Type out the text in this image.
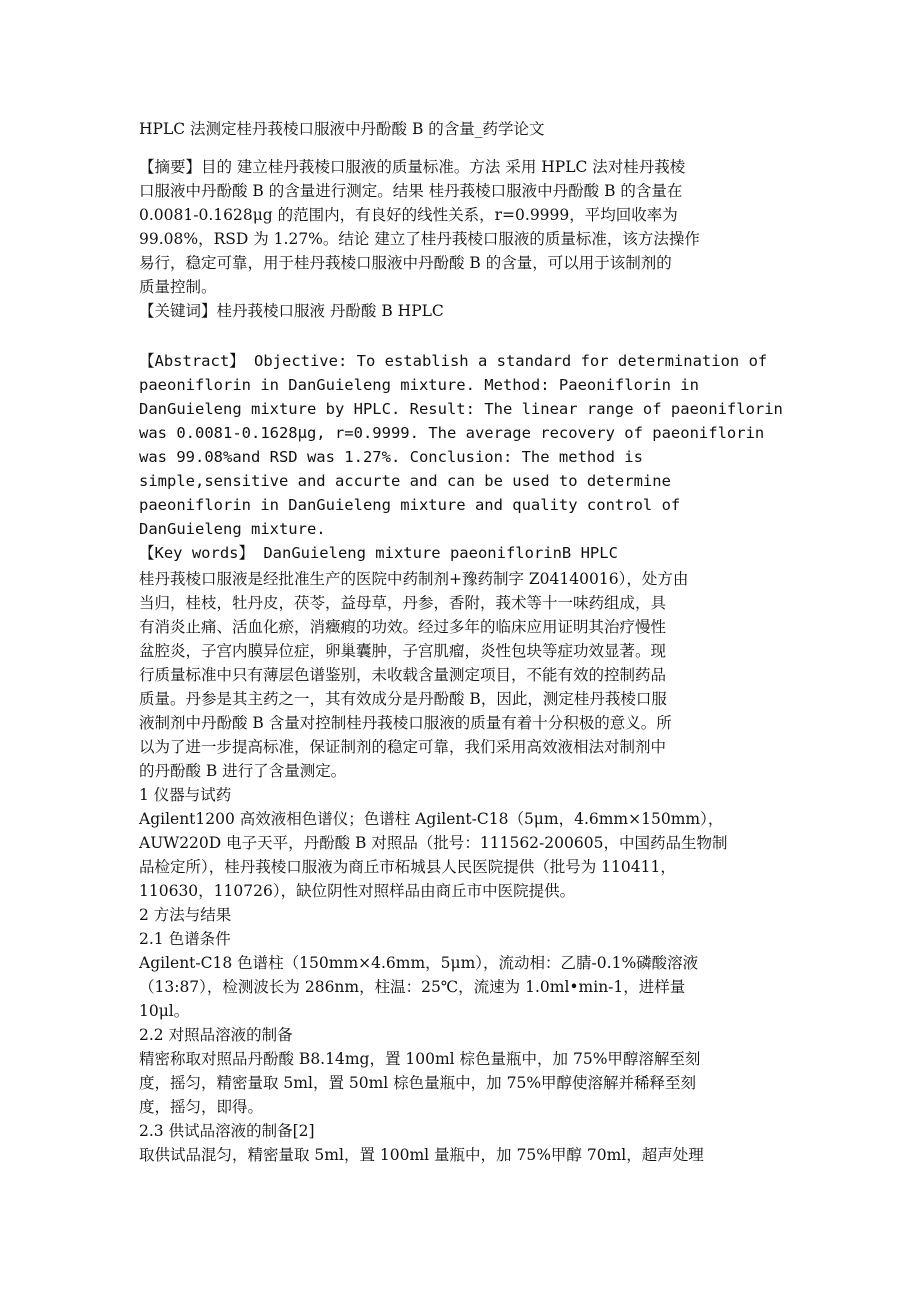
HPLC 法测定桂丹莪棱口服液中丹酚酸 B 的含量_药学论文
【摘要】目的 建立桂丹莪棱口服液的质量标准。方法 采用 HPLC 法对桂丹莪棱
口服液中丹酚酸 B 的含量进行测定。结果 桂丹莪棱口服液中丹酚酸 B 的含量在
0.0081-0.1628μg 的范围内，有良好的线性关系，r=0.9999，平均回收率为
99.08%，RSD 为 1.27%。结论 建立了桂丹莪棱口服液的质量标准，该方法操作
易行，稳定可靠，用于桂丹莪棱口服液中丹酚酸 B 的含量，可以用于该制剂的
质量控制。
【关键词】桂丹莪棱口服液 丹酚酸 B HPLC
【Abstract】 Objective: To establish a standard for determination of
paeoniflorin in DanGuieleng mixture. Method: Paeoniflorin in
DanGuieleng mixture by HPLC. Result: The linear range of paeoniflorin
was 0.0081-0.1628μg, r=0.9999. The average recovery of paeoniflorin
was 99.08%and RSD was 1.27%. Conclusion: The method is
simple,sensitive and accurte and can be used to determine
paeoniflorin in DanGuieleng mixture and quality control of
DanGuieleng mixture.
【Key words】 DanGuieleng mixture paeoniflorinB HPLC
桂丹莪棱口服液是经批准生产的医院中药制剂+豫药制字 Z04140016），处方由
当归，桂枝，牡丹皮，茯苓，益母草，丹参，香附，莪术等十一味药组成，具
有消炎止痛、活血化瘀，消癥瘕的功效。经过多年的临床应用证明其治疗慢性
盆腔炎，子宫内膜异位症，卵巢囊肿，子宫肌瘤，炎性包块等症功效显著。现
行质量标准中只有薄层色谱鉴别，未收载含量测定项目，不能有效的控制药品
质量。丹参是其主药之一，其有效成分是丹酚酸 B，因此，测定桂丹莪棱口服
液制剂中丹酚酸 B 含量对控制桂丹莪棱口服液的质量有着十分积极的意义。所
以为了进一步提高标准，保证制剂的稳定可靠，我们采用高效液相法对制剂中
的丹酚酸 B 进行了含量测定。
1 仪器与试药
Agilent1200 高效液相色谱仪；色谱柱 Agilent-C18（5μm，4.6mm×150mm），
AUW220D 电子天平，丹酚酸 B 对照品（批号：111562-200605，中国药品生物制
品检定所），桂丹莪棱口服液为商丘市柘城县人民医院提供（批号为 110411，
110630，110726），缺位阴性对照样品由商丘市中医院提供。
2 方法与结果
2.1 色谱条件
Agilent-C18 色谱柱（150mm×4.6mm，5μm），流动相：乙腈-0.1%磷酸溶液
（13:87），检测波长为 286nm，柱温：25℃，流速为 1.0ml•min-1，进样量
10μl。
2.2 对照品溶液的制备
精密称取对照品丹酚酸 B8.14mg，置 100ml 棕色量瓶中，加 75%甲醇溶解至刻
度，摇匀，精密量取 5ml，置 50ml 棕色量瓶中，加 75%甲醇使溶解并稀释至刻
度，摇匀，即得。
2.3 供试品溶液的制备[2]
取供试品混匀，精密量取 5ml，置 100ml 量瓶中，加 75%甲醇 70ml，超声处理
